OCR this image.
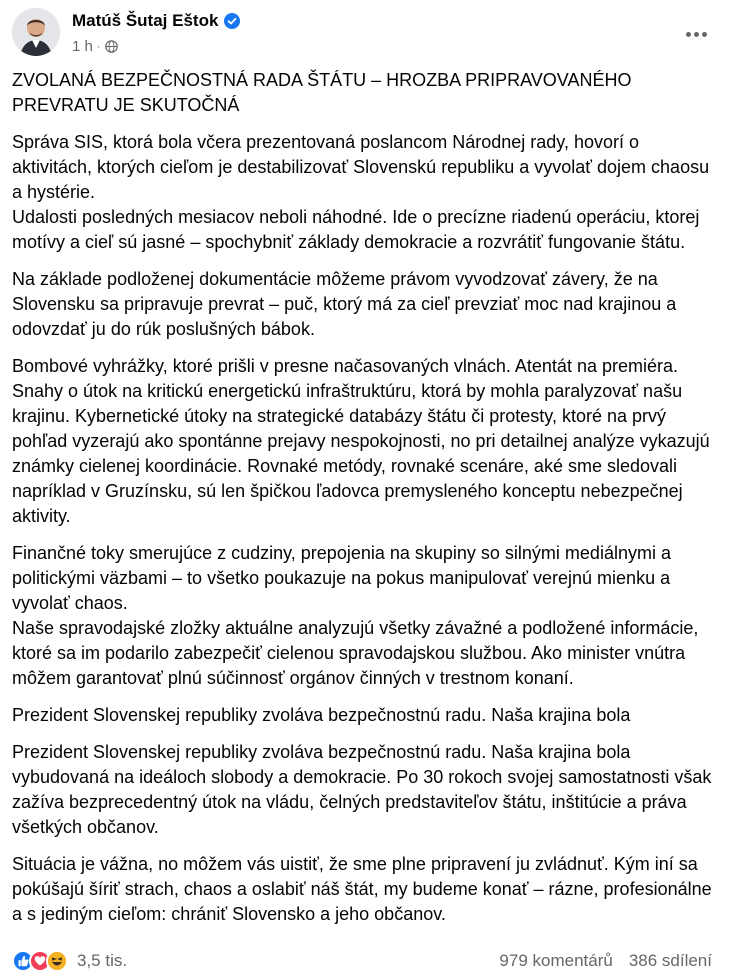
Matúš Šutaj Eštok
1 h ·

ZVOLANÁ BEZPEČNOSTNÁ RADA ŠTÁTU – HROZBA PRIPRAVOVANÉHO PREVRATU JE SKUTOČNÁ

Správa SIS, ktorá bola včera prezentovaná poslancom Národnej rady, hovorí o aktivitách, ktorých cieľom je destabilizovať Slovenskú republiku a vyvolať dojem chaosu a hystérie.
Udalosti posledných mesiacov neboli náhodné. Ide o precízne riadenú operáciu, ktorej motívy a cieľ sú jasné – spochybniť základy demokracie a rozvrátiť fungovanie štátu.

Na základe podloženej dokumentácie môžeme právom vyvodzovať závery, že na Slovensku sa pripravuje prevrat – puč, ktorý má za cieľ prevziať moc nad krajinou a odovzdať ju do rúk poslušných bábok.

Bombové vyhrážky, ktoré prišli v presne načasovaných vlnách. Atentát na premiéra. Snahy o útok na kritickú energetickú infraštruktúru, ktorá by mohla paralyzovať našu krajinu. Kybernetické útoky na strategické databázy štátu či protesty, ktoré na prvý pohľad vyzerajú ako spontánne prejavy nespokojnosti, no pri detailnej analýze vykazujú známky cielenej koordinácie. Rovnaké metódy, rovnaké scenáre, aké sme sledovali napríklad v Gruzínsku, sú len špičkou ľadovca premysleného konceptu nebezpečnej aktivity.

Finančné toky smerujúce z cudziny, prepojenia na skupiny so silnými mediálnymi a politickými väzbami – to všetko poukazuje na pokus manipulovať verejnú mienku a vyvolať chaos.
Naše spravodajské zložky aktuálne analyzujú všetky závažné a podložené informácie, ktoré sa im podarilo zabezpečiť cielenou spravodajskou službou. Ako minister vnútra môžem garantovať plnú súčinnosť orgánov činných v trestnom konaní.

Prezident Slovenskej republiky zvoláva bezpečnostnú radu. Naša krajina bola

Prezident Slovenskej republiky zvoláva bezpečnostnú radu. Naša krajina bola vybudovaná na ideáloch slobody a demokracie. Po 30 rokoch svojej samostatnosti však zažíva bezprecedentný útok na vládu, čelných predstaviteľov štátu, inštitúcie a práva všetkých občanov.

Situácia je vážna, no môžem vás uistiť, že sme plne pripravení ju zvládnuť. Kým iní sa pokúšajú šíriť strach, chaos a oslabiť náš štát, my budeme konať – rázne, profesionálne a s jediným cieľom: chrániť Slovensko a jeho občanov.

3,5 tis.	979 komentárů 386 sdílení
